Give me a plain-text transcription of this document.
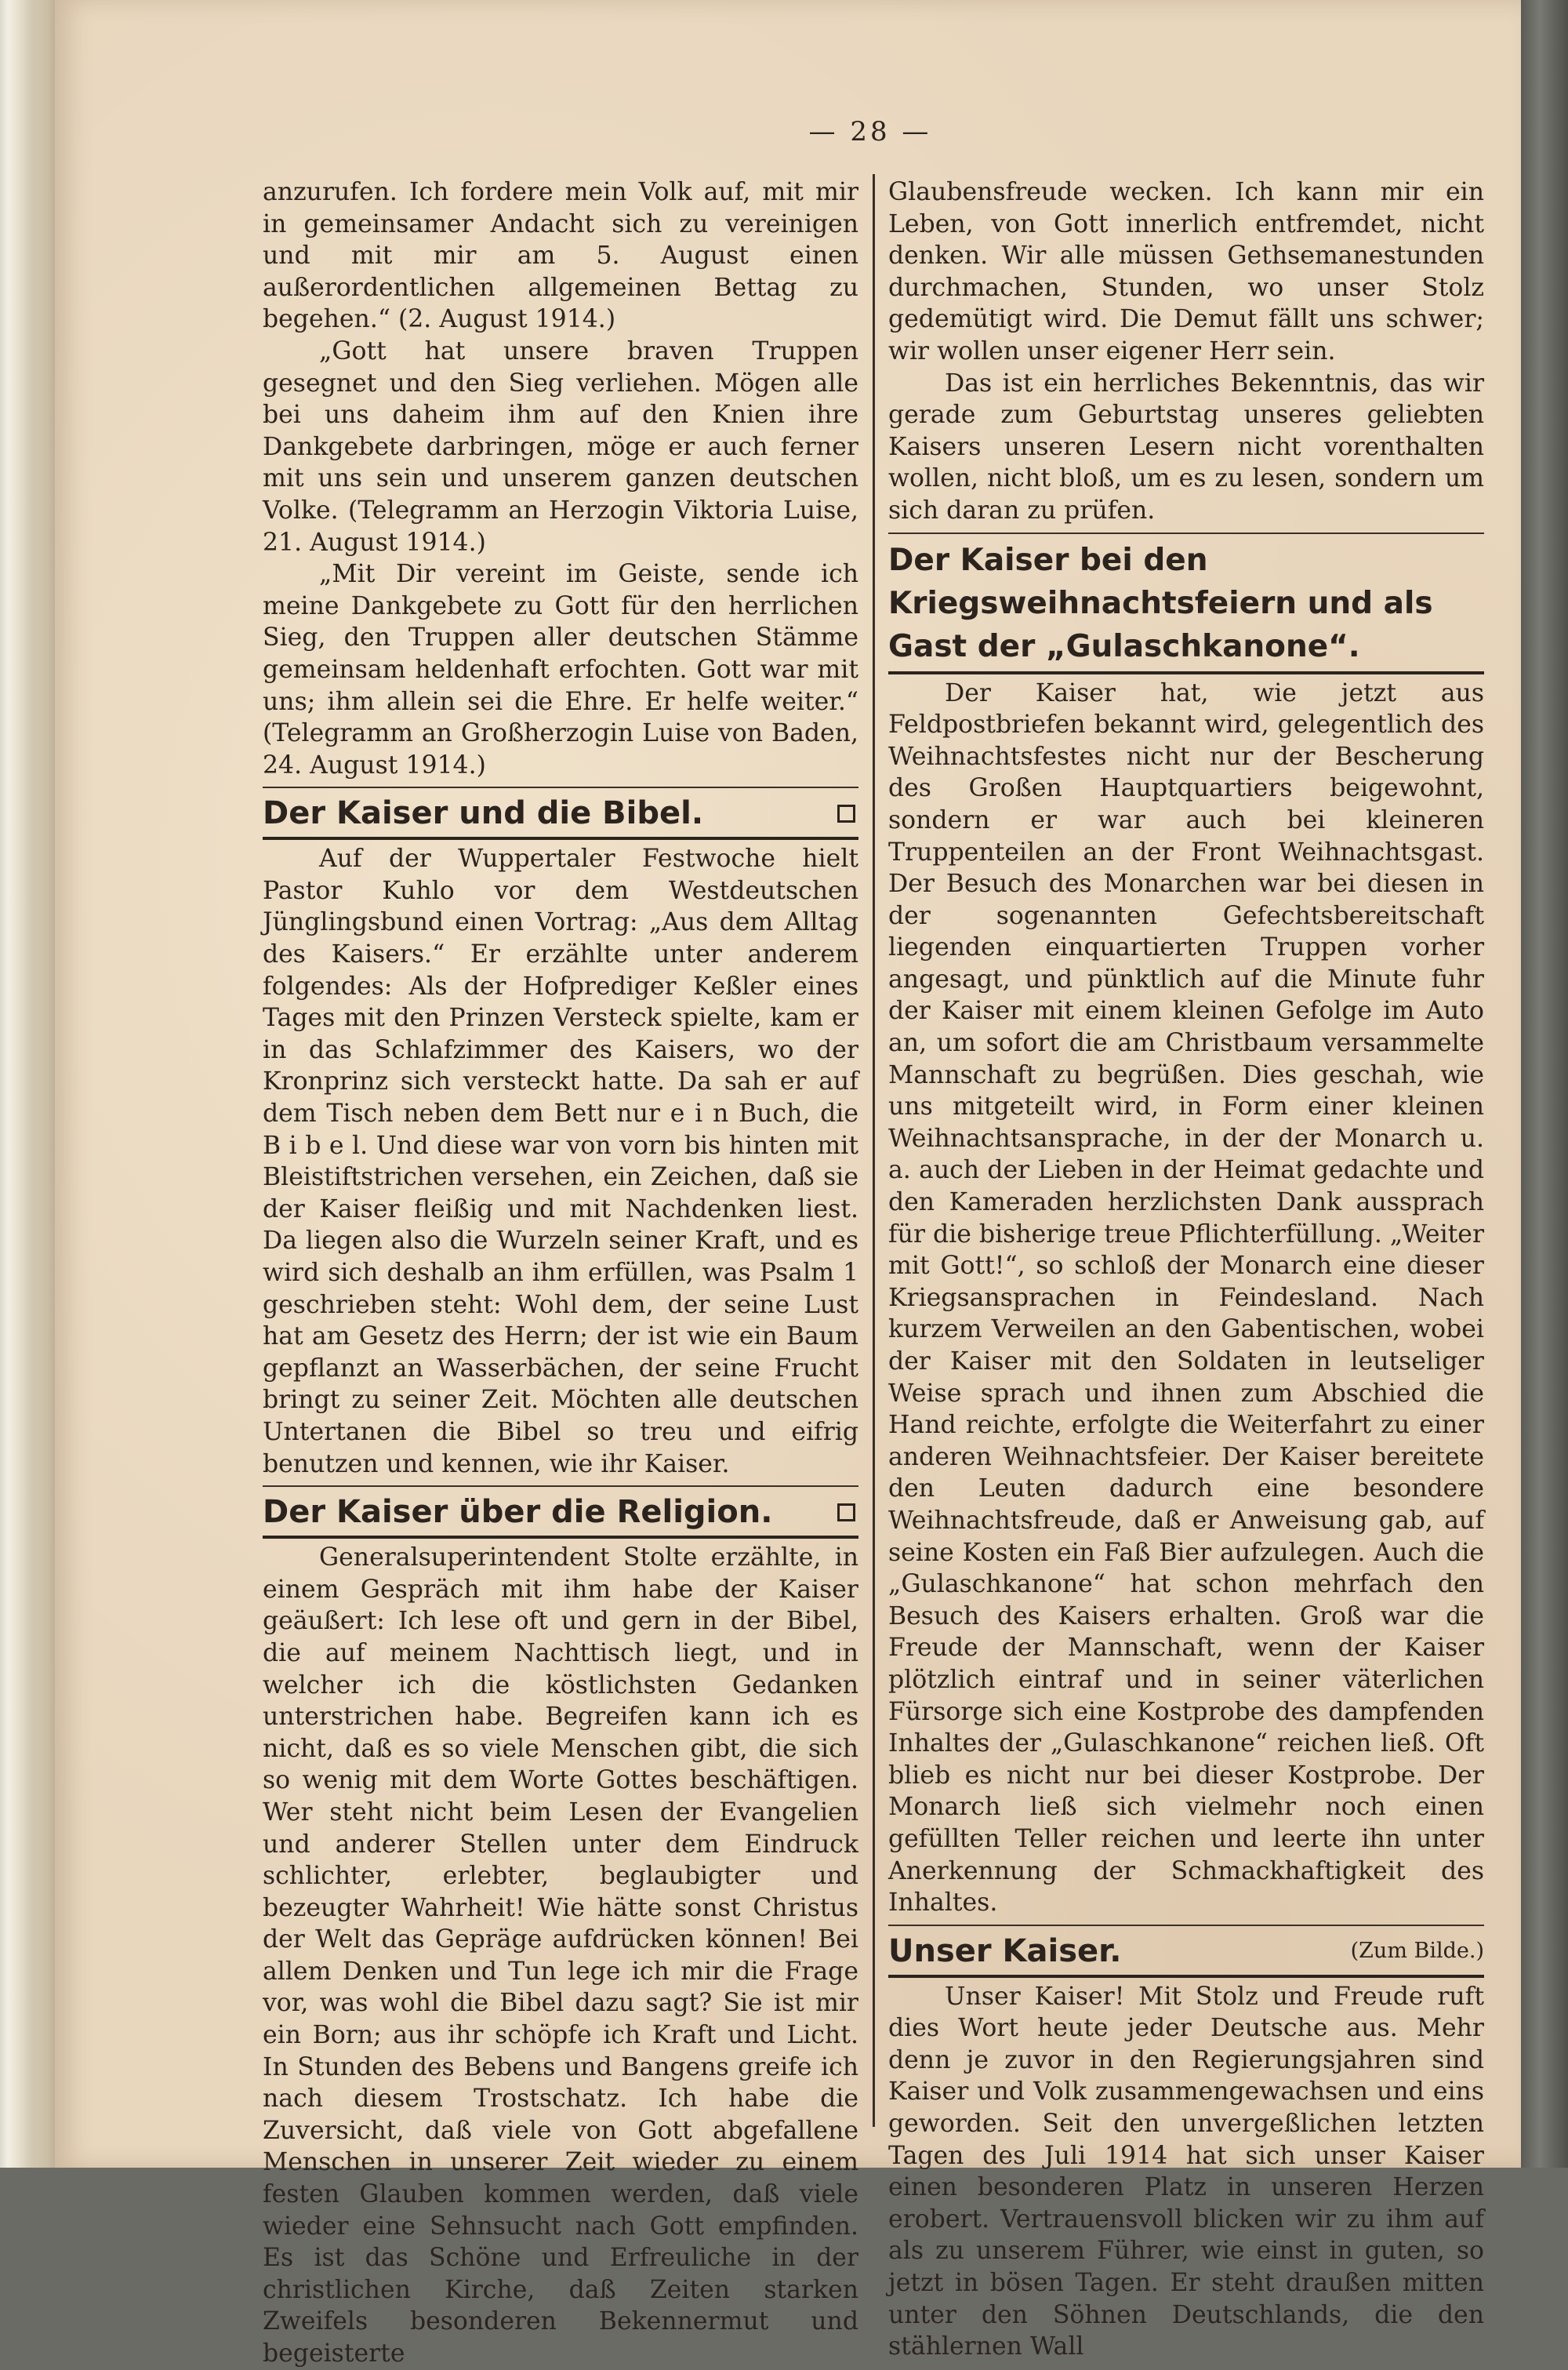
— 28 —

anzurufen. Ich fordere mein Volk auf, mit mir in gemeinsamer Andacht sich zu vereinigen und mit mir am 5. August einen außerordentlichen allgemeinen Bettag zu begehen.“ (2. August 1914.)

„Gott hat unsere braven Truppen gesegnet und den Sieg verliehen. Mögen alle bei uns daheim ihm auf den Knien ihre Dankgebete darbringen, möge er auch ferner mit uns sein und unserem ganzen deutschen Volke. (Telegramm an Herzogin Viktoria Luise, 21. August 1914.)

„Mit Dir vereint im Geiste, sende ich meine Dankgebete zu Gott für den herrlichen Sieg, den Truppen aller deutschen Stämme gemeinsam heldenhaft erfochten. Gott war mit uns; ihm allein sei die Ehre. Er helfe weiter.“ (Telegramm an Großherzogin Luise von Baden, 24. August 1914.)

Der Kaiser und die Bibel.

Auf der Wuppertaler Festwoche hielt Pastor Kuhlo vor dem Westdeutschen Jünglingsbund einen Vortrag: „Aus dem Alltag des Kaisers.“ Er erzählte unter anderem folgendes: Als der Hofprediger Keßler eines Tages mit den Prinzen Versteck spielte, kam er in das Schlafzimmer des Kaisers, wo der Kronprinz sich versteckt hatte. Da sah er auf dem Tisch neben dem Bett nur e i n Buch, die B i b e l. Und diese war von vorn bis hinten mit Bleistiftstrichen versehen, ein Zeichen, daß sie der Kaiser fleißig und mit Nachdenken liest. Da liegen also die Wurzeln seiner Kraft, und es wird sich deshalb an ihm erfüllen, was Psalm 1 geschrieben steht: Wohl dem, der seine Lust hat am Gesetz des Herrn; der ist wie ein Baum gepflanzt an Wasserbächen, der seine Frucht bringt zu seiner Zeit. Möchten alle deutschen Untertanen die Bibel so treu und eifrig benutzen und kennen, wie ihr Kaiser.

Der Kaiser über die Religion.

Generalsuperintendent Stolte erzählte, in einem Gespräch mit ihm habe der Kaiser geäußert: Ich lese oft und gern in der Bibel, die auf meinem Nachttisch liegt, und in welcher ich die köstlichsten Gedanken unterstrichen habe. Begreifen kann ich es nicht, daß es so viele Menschen gibt, die sich so wenig mit dem Worte Gottes beschäftigen. Wer steht nicht beim Lesen der Evangelien und anderer Stellen unter dem Eindruck schlichter, erlebter, beglaubigter und bezeugter Wahrheit! Wie hätte sonst Christus der Welt das Gepräge aufdrücken können! Bei allem Denken und Tun lege ich mir die Frage vor, was wohl die Bibel dazu sagt? Sie ist mir ein Born; aus ihr schöpfe ich Kraft und Licht. In Stunden des Bebens und Bangens greife ich nach diesem Trostschatz. Ich habe die Zuversicht, daß viele von Gott abgefallene Menschen in unserer Zeit wieder zu einem festen Glauben kommen werden, daß viele wieder eine Sehnsucht nach Gott empfinden. Es ist das Schöne und Erfreuliche in der christlichen Kirche, daß Zeiten starken Zweifels besonderen Bekennermut und begeisterte

Glaubensfreude wecken. Ich kann mir ein Leben, von Gott innerlich entfremdet, nicht denken. Wir alle müssen Gethsemanestunden durchmachen, Stunden, wo unser Stolz gedemütigt wird. Die Demut fällt uns schwer; wir wollen unser eigener Herr sein.

Das ist ein herrliches Bekenntnis, das wir gerade zum Geburtstag unseres geliebten Kaisers unseren Lesern nicht vorenthalten wollen, nicht bloß, um es zu lesen, sondern um sich daran zu prüfen.

Der Kaiser bei den Kriegsweihnachtsfeiern und als Gast der „Gulaschkanone“.

Der Kaiser hat, wie jetzt aus Feldpostbriefen bekannt wird, gelegentlich des Weihnachtsfestes nicht nur der Bescherung des Großen Hauptquartiers beigewohnt, sondern er war auch bei kleineren Truppenteilen an der Front Weihnachtsgast. Der Besuch des Monarchen war bei diesen in der sogenannten Gefechtsbereitschaft liegenden einquartierten Truppen vorher angesagt, und pünktlich auf die Minute fuhr der Kaiser mit einem kleinen Gefolge im Auto an, um sofort die am Christbaum versammelte Mannschaft zu begrüßen. Dies geschah, wie uns mitgeteilt wird, in Form einer kleinen Weihnachtsansprache, in der der Monarch u. a. auch der Lieben in der Heimat gedachte und den Kameraden herzlichsten Dank aussprach für die bisherige treue Pflichterfüllung. „Weiter mit Gott!“, so schloß der Monarch eine dieser Kriegsansprachen in Feindesland. Nach kurzem Verweilen an den Gabentischen, wobei der Kaiser mit den Soldaten in leutseliger Weise sprach und ihnen zum Abschied die Hand reichte, erfolgte die Weiterfahrt zu einer anderen Weihnachtsfeier. Der Kaiser bereitete den Leuten dadurch eine besondere Weihnachtsfreude, daß er Anweisung gab, auf seine Kosten ein Faß Bier aufzulegen. Auch die „Gulaschkanone“ hat schon mehrfach den Besuch des Kaisers erhalten. Groß war die Freude der Mannschaft, wenn der Kaiser plötzlich eintraf und in seiner väterlichen Fürsorge sich eine Kostprobe des dampfenden Inhaltes der „Gulaschkanone“ reichen ließ. Oft blieb es nicht nur bei dieser Kostprobe. Der Monarch ließ sich vielmehr noch einen gefüllten Teller reichen und leerte ihn unter Anerkennung der Schmackhaftigkeit des Inhaltes.

Unser Kaiser.	(Zum Bilde.)

Unser Kaiser! Mit Stolz und Freude ruft dies Wort heute jeder Deutsche aus. Mehr denn je zuvor in den Regierungsjahren sind Kaiser und Volk zusammengewachsen und eins geworden. Seit den unvergeßlichen letzten Tagen des Juli 1914 hat sich unser Kaiser einen besonderen Platz in unseren Herzen erobert. Vertrauensvoll blicken wir zu ihm auf als zu unserem Führer, wie einst in guten, so jetzt in bösen Tagen. Er steht draußen mitten unter den Söhnen Deutschlands, die den stählernen Wall
